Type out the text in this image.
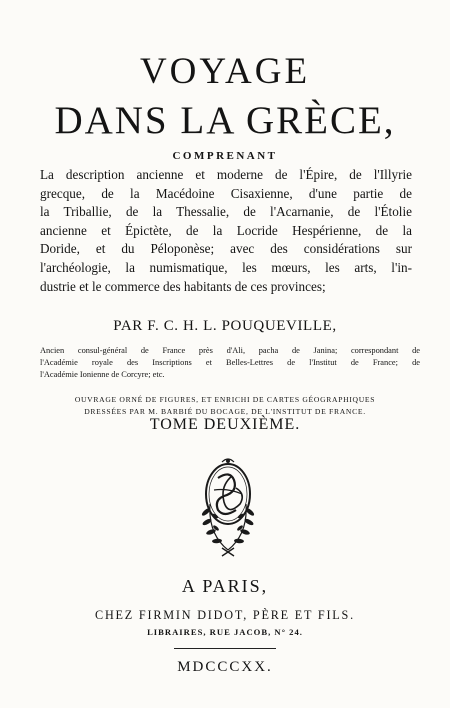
VOYAGE
DANS LA GRÈCE,
COMPRENANT
La description ancienne et moderne de l'Épire, de l'Illyrie
grecque, de la Macédoine Cisaxienne, d'une partie de
la Triballie, de la Thessalie, de l'Acarnanie, de l'Étolie
ancienne et Épictète, de la Locride Hespérienne, de la
Doride, et du Péloponèse; avec des considérations sur
l'archéologie, la numismatique, les mœurs, les arts, l'in-
dustrie et le commerce des habitants de ces provinces;
PAR F. C. H. L. POUQUEVILLE,
Ancien consul-général de France près d'Ali, pacha de Janina; correspondant de
l'Académie royale des Inscriptions et Belles-Lettres de l'Institut de France; de
l'Académie Ionienne de Corcyre; etc.
OUVRAGE ORNÉ DE FIGURES, ET ENRICHI DE CARTES GÉOGRAPHIQUES
DRESSÉES PAR M. BARBIÉ DU BOCAGE, DE L'INSTITUT DE FRANCE.
TOME DEUXIÈME.
A PARIS,
CHEZ FIRMIN DIDOT, PÈRE ET FILS.
LIBRAIRES, RUE JACOB, N° 24.
MDCCCXX.
